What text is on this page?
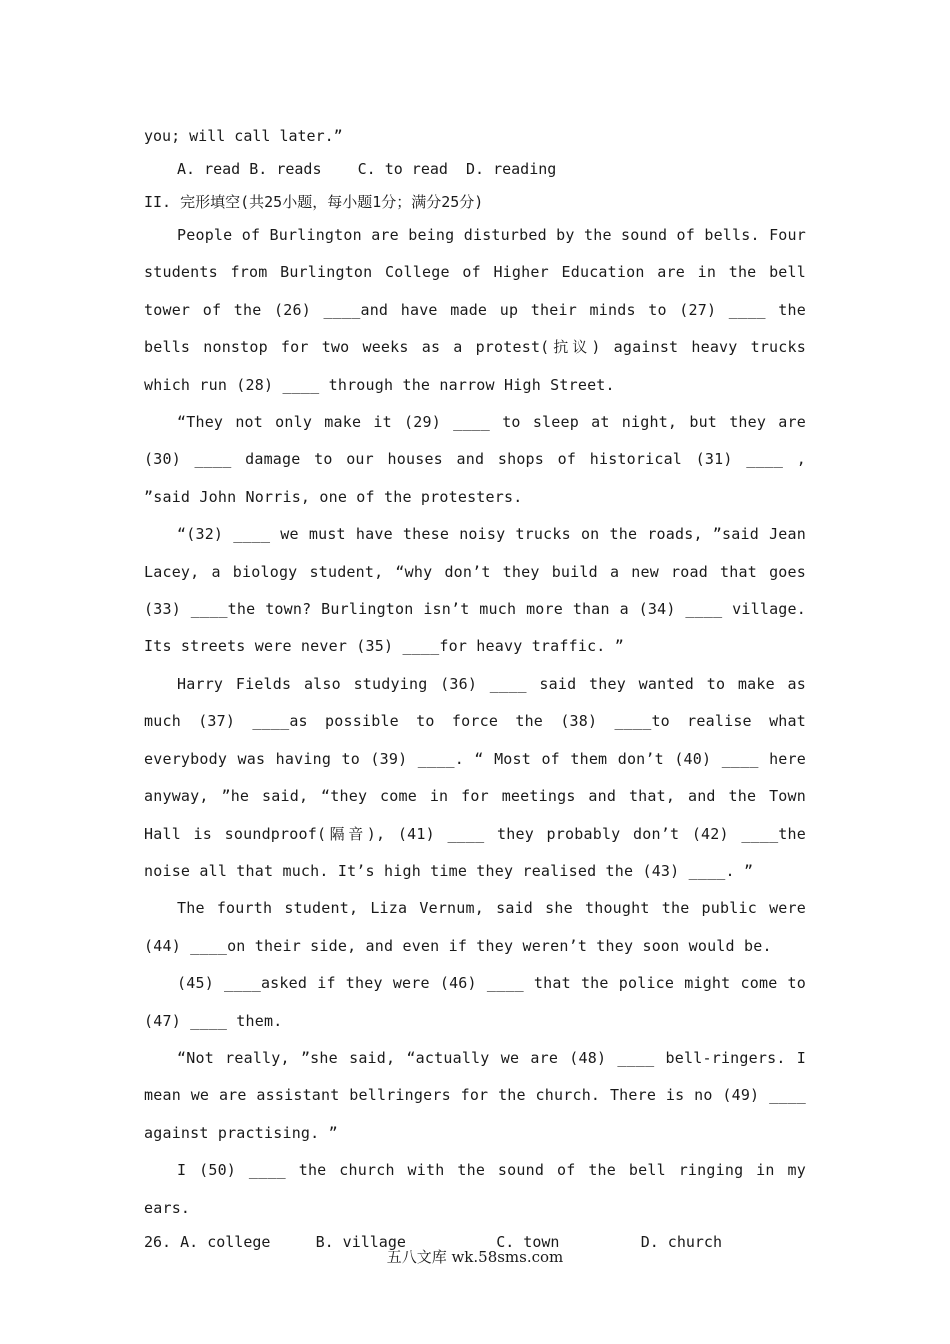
you; will call later.”
A. read B. reads    C. to read  D. reading
II. 完形填空(共25小题，每小题1分；满分25分)

People of Burlington are being disturbed by the sound of bells. Four students from Burlington College of Higher Education are in the bell tower of the (26) ____and have made up their minds to (27) ____ the bells nonstop for two weeks as a protest(抗议) against heavy trucks which run (28) ____ through the narrow High Street.

“They not only make it (29) ____ to sleep at night, but they are (30) ____ damage to our houses and shops of historical (31) ____ , ”said John Norris, one of the protesters.

“(32) ____ we must have these noisy trucks on the roads, ”said Jean Lacey, a biology student, “why don’t they build a new road that goes (33) ____the town? Burlington isn’t much more than a (34) ____ village. Its streets were never (35) ____for heavy traffic. ”

Harry Fields also studying (36) ____ said they wanted to make as much (37) ____as possible to force the (38) ____to realise what everybody was having to (39) ____. “ Most of them don’t (40) ____ here anyway, ”he said, “they come in for meetings and that, and the Town Hall is soundproof(隔音), (41) ____ they probably don’t (42) ____the noise all that much. It’s high time they realised the (43) ____. ”

The fourth student, Liza Vernum, said she thought the public were (44) ____on their side, and even if they weren’t they soon would be.

(45) ____asked if they were (46) ____ that the police might come to (47) ____ them.

“Not really, ”she said, “actually we are (48) ____ bell-ringers. I mean we are assistant bellringers for the church. There is no (49) ____ against practising. ”

I (50) ____ the church with the sound of the bell ringing in my ears.

26. A. college     B. village          C. town         D. church
五八文库 wk.58sms.com
